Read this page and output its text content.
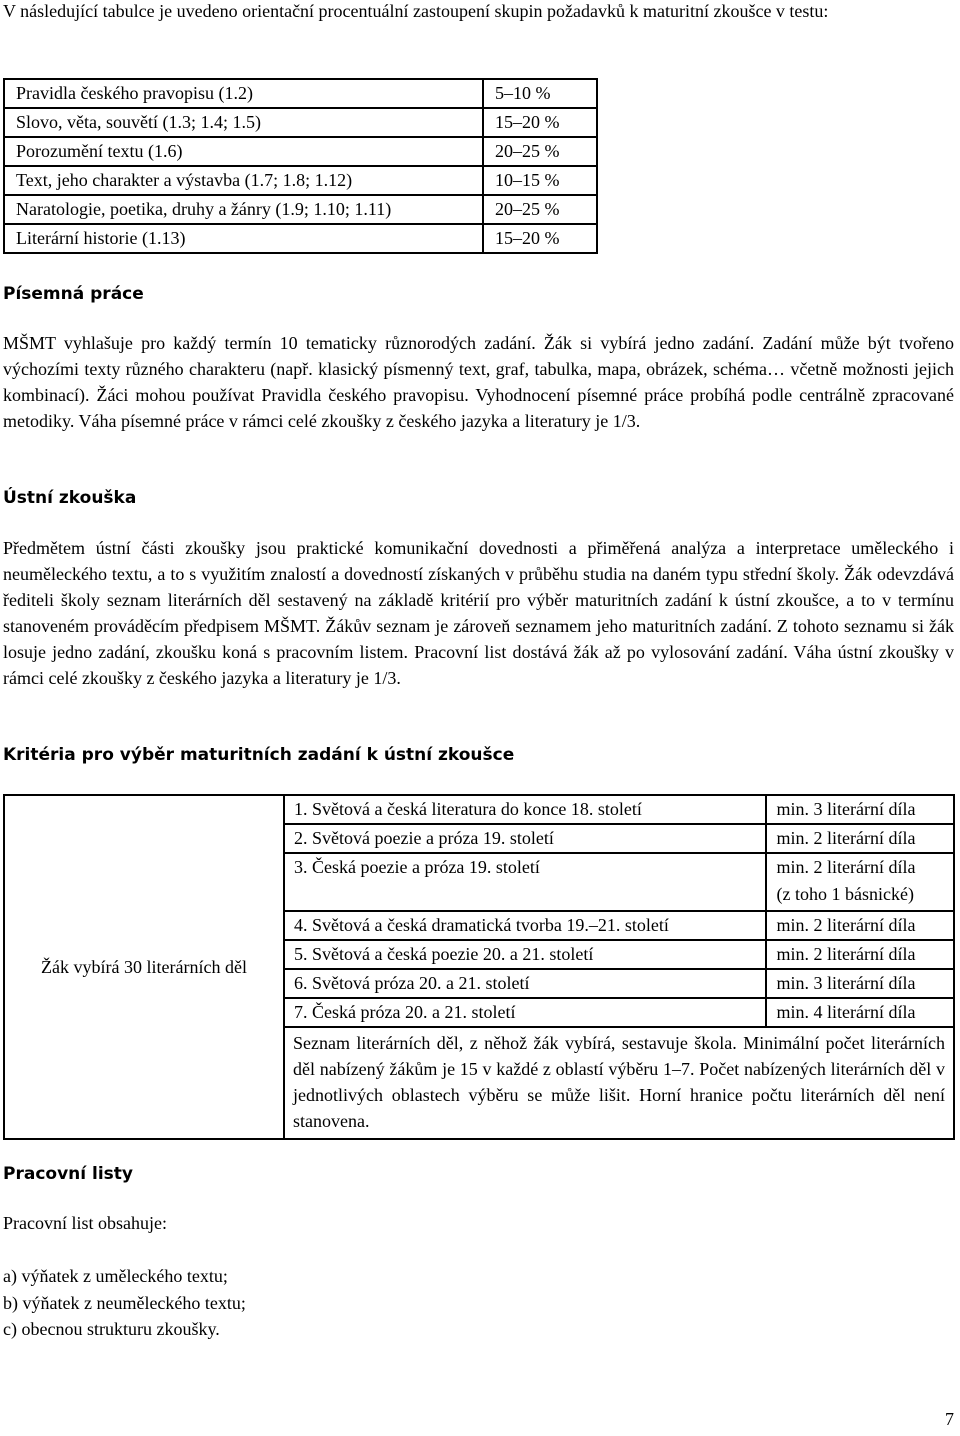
V následující tabulce je uvedeno orientační procentuální zastoupení skupin požadavků k maturitní zkoušce v testu:

Pravidla českého pravopisu (1.2)	5–10 %
Slovo, věta, souvětí (1.3; 1.4; 1.5)	15–20 %
Porozumění textu (1.6)	20–25 %
Text, jeho charakter a výstavba (1.7; 1.8; 1.12)	10–15 %
Naratologie, poetika, druhy a žánry (1.9; 1.10; 1.11)	20–25 %
Literární historie (1.13)	15–20 %
Písemná práce

MŠMT vyhlašuje pro každý termín 10 tematicky různorodých zadání. Žák si vybírá jedno zadání. Zadání může být tvořeno výchozími texty různého charakteru (např. klasický písmenný text, graf, tabulka, mapa, obrázek, schéma… včetně možnosti jejich kombinací). Žáci mohou používat Pravidla českého pravopisu. Vyhodnocení písemné práce probíhá podle centrálně zpracované metodiky. Váha písemné práce v rámci celé zkoušky z českého jazyka a literatury je 1/3.

Ústní zkouška

Předmětem ústní části zkoušky jsou praktické komunikační dovednosti a přiměřená analýza a interpretace uměleckého i neuměleckého textu, a to s využitím znalostí a dovedností získaných v průběhu studia na daném typu střední školy. Žák odevzdává řediteli školy seznam literárních děl sestavený na základě kritérií pro výběr maturitních zadání k ústní zkoušce, a to v termínu stanoveném prováděcím předpisem MŠMT. Žákův seznam je zároveň seznamem jeho maturitních zadání. Z tohoto seznamu si žák losuje jedno zadání, zkoušku koná s pracovním listem. Pracovní list dostává žák až po vylosování zadání. Váha ústní zkoušky v rámci celé zkoušky z českého jazyka a literatury je 1/3.

Kritéria pro výběr maturitních zadání k ústní zkoušce
Žák vybírá 30 literárních děl	1. Světová a česká literatura do konce 18. století	min. 3 literární díla
	2. Světová poezie a próza 19. století	min. 2 literární díla
	3. Česká poezie a próza 19. století	min. 2 literární díla
(z toho 1 básnické)

	4. Světová a česká dramatická tvorba 19.–21. století	min. 2 literární díla
	5. Světová a česká poezie 20. a 21. století	min. 2 literární díla
	6. Světová próza 20. a 21. století	min. 3 literární díla
	7. Česká próza 20. a 21. století	min. 4 literární díla
	Seznam literárních děl, z něhož žák vybírá, sestavuje škola. Minimální počet literárních děl nabízený žákům je 15 v každé z oblastí výběru 1–7. Počet nabízených literárních děl v jednotlivých oblastech výběru se může lišit. Horní hranice počtu literárních děl není stanovena.	
Pracovní listy

Pracovní list obsahuje:

a) výňatek z uměleckého textu;
b) výňatek z neuměleckého textu;
c) obecnou strukturu zkoušky.
7
